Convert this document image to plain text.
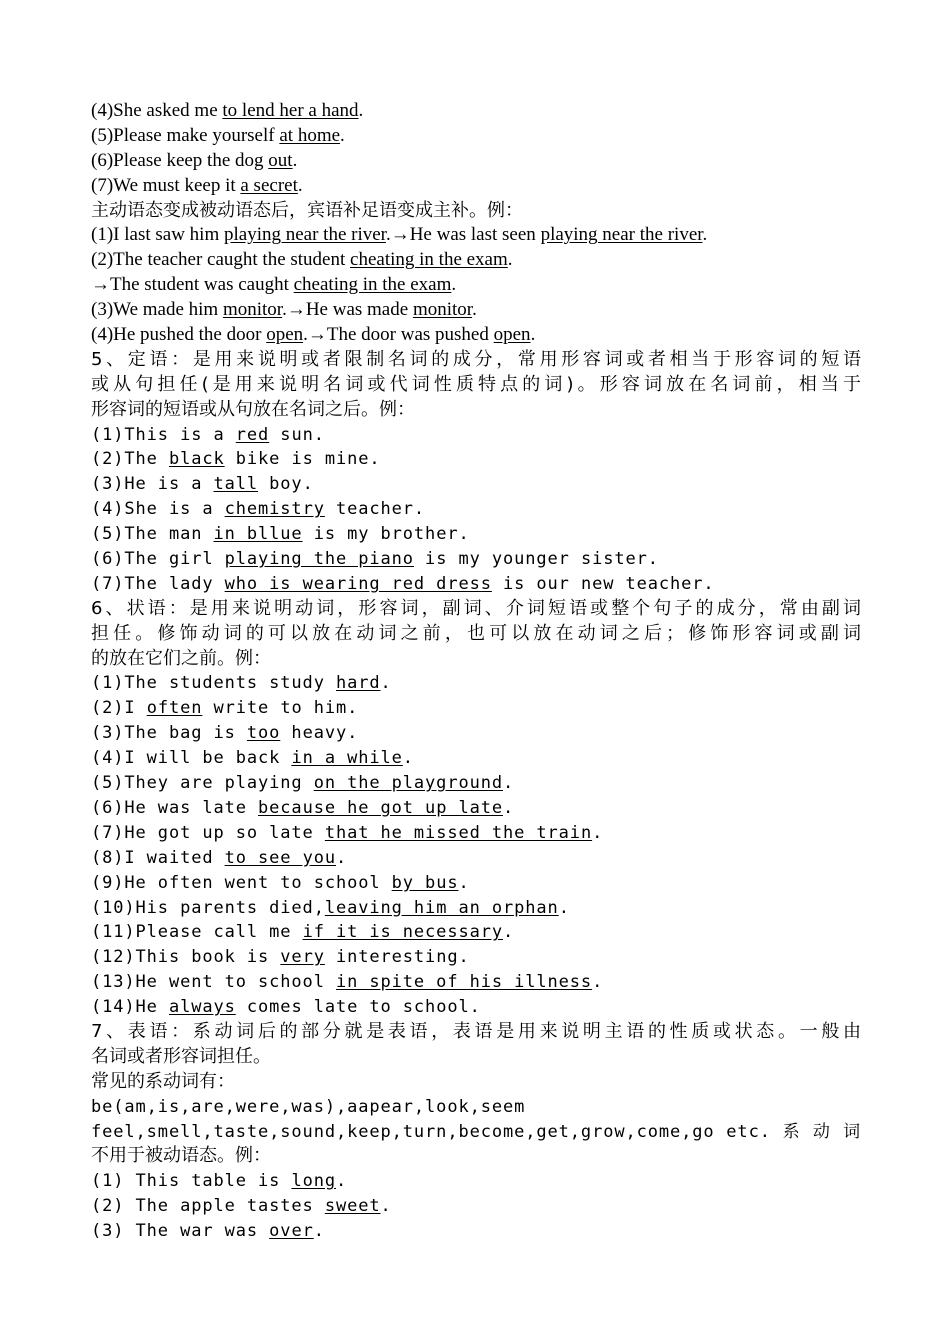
(4)She asked me to lend her a hand.
(5)Please make yourself at home.
(6)Please keep the dog out.
(7)We must keep it a secret.
主动语态变成被动语态后，宾语补足语变成主补。例：
(1)I last saw him playing near the river.→He was last seen playing near the river.
(2)The teacher caught the student cheating in the exam.
→The student was caught cheating in the exam.
(3)We made him monitor.→He was made monitor.
(4)He pushed the door open.→The door was pushed open.
5、定语：是用来说明或者限制名词的成分，常用形容词或者相当于形容词的短语
或从句担任(是用来说明名词或代词性质特点的词)。形容词放在名词前，相当于
形容词的短语或从句放在名词之后。例：
(1)This is a red sun.
(2)The black bike is mine.
(3)He is a tall boy.
(4)She is a chemistry teacher.
(5)The man in bllue is my brother.
(6)The girl playing the piano is my younger sister.
(7)The lady who is wearing red dress is our new teacher.
6、状语：是用来说明动词，形容词，副词、介词短语或整个句子的成分，常由副词
担任。修饰动词的可以放在动词之前，也可以放在动词之后；修饰形容词或副词
的放在它们之前。例：
(1)The students study hard.
(2)I often write to him.
(3)The bag is too heavy.
(4)I will be back in a while.
(5)They are playing on the playground.
(6)He was late because he got up late.
(7)He got up so late that he missed the train.
(8)I waited to see you.
(9)He often went to school by bus.
(10)His parents died,leaving him an orphan.
(11)Please call me if it is necessary.
(12)This book is very interesting.
(13)He went to school in spite of his illness.
(14)He always comes late to school.
7、表语：系动词后的部分就是表语，表语是用来说明主语的性质或状态。一般由
名词或者形容词担任。
常见的系动词有：
be(am,is,are,were,was),aapear,look,seem
feel,smell,taste,sound,keep,turn,become,get,grow,come,go etc. 系 动 词
不用于被动语态。例：
(1) This table is long.
(2) The apple tastes sweet.
(3) The war was over.
